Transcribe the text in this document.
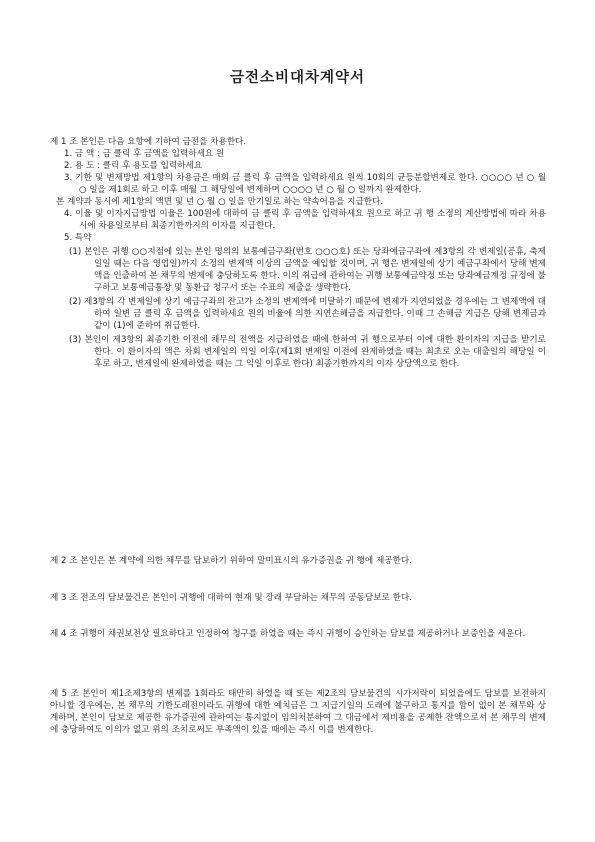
금전소비대차계약서

제 1 조 본인은 다음 요항에 기하여 금전을 차용한다.

1. 금 액 : 금 클릭 후 금액을 입력하세요 원

2. 용 도 : 클릭 후 용도를 입력하세요

3. 기한 및 변제방법 제1항의 차용금은 매회 금 클릭 후 금액을 입력하세요 원씩 10회의 균등분할변제로 한다. ○○○○ 년 ○ 월 ○ 일을 제1회로 하고 이후 매월 그 해당일에 변제하며 ○○○○ 년 ○ 월 ○ 일까지 완제한다.

본 계약과 동시에 제1항의 액면 및 년 ○ 월 ○ 일을 만기일로 하는 약속어음을 지급한다.

4. 이율 및 이자지급방법 이율은 100원에 대하여 금 클릭 후 금액을 입력하세요 원으로 하고 귀 행 소정의 계산방법에 따라 차용 시에 차용일로부터 최종기한까지의 이자를 지급한다.

5. 특약

(1) 본인은 귀행 ○○지점에 있는 본인 명의의 보통예금구좌(번호 ○○○호) 또는 당좌예금구좌에 제3항의 각 변제일(공휴, 축제일일 때는 다음 영업일)까지 소정의 변제액 이상의 금액을 예입할 것이며, 귀 행은 변제일에 상기 예금구좌에서 당해 변제액을 인출하여 본 채무의 변제에 충당하도록 한다. 이의 취급에 관하여는 귀행 보통예금약정 또는 당좌예금계정 규정에 불구하고 보통예금통장 및 동환급 청구서 또는 수표의 제출을 생략한다.

(2) 제3항의 각 변제일에 상기 예금구좌의 잔고가 소정의 변제액에 미달하기 때문에 변제가 지연되었을 경우에는 그 변제액에 대하여 일변 금 클릭 후 금액을 입력하세요 원의 비율에 의한 지연손해금을 지급한다. 이때 그 손해금 지급은 당해 변제금과 같이 (1)에 준하여 취급한다.

(3) 본인이 제3항의 최종기한 이전에 채무의 전액을 지급하였을 때에 한하여 귀 행으로부터 이에 대한 환이자의 지급을 받기로 한다. 이 환이자의 액은 차회 변제일의 익일 이후(제1회 변제일 이전에 완제하였을 때는 최초로 오는 대출일의 해당일 이후로 하고, 변제일에 완제하였을 때는 그 익일 이후로 한다) 최종기한까지의 이자 상당액으로 한다.

제 2 조 본인은 본 계약에 의한 채무를 담보하기 위하여 말미표시의 유가증권을 귀 행에 제공한다.

제 3 조 전조의 담보물건은 본인이 귀행에 대하여 현재 및 장래 부담하는 채무의 공동담보로 한다.

제 4 조 귀행이 채권보전상 필요하다고 인정하여 청구를 하였을 때는 즉시 귀행이 승인하는 담보를 제공하거나 보증인을 세운다.

제 5 조 본인이 제1조제3항의 변제를 1회라도 태만히 하였을 때 또는 제2조의 담보물건의 시가저락이 되었을에도 담보를 보전하지 아니할 경우에는, 본 채무의 기한도래전이라도 귀행에 대한 예치금은 그 지급기일의 도래에 불구하고 통지를 함이 없이 본 채무와 상계하며, 본인이 담보로 제공한 유가증권에 관하여는 통지없이 임의처분하여 그 대금에서 제비용을 공제한 잔액으로서 본 채무의 변제에 충당하여도 이의가 없고 위의 조치로써도 부족액이 있을 때에는 즉시 이를 변제한다.
